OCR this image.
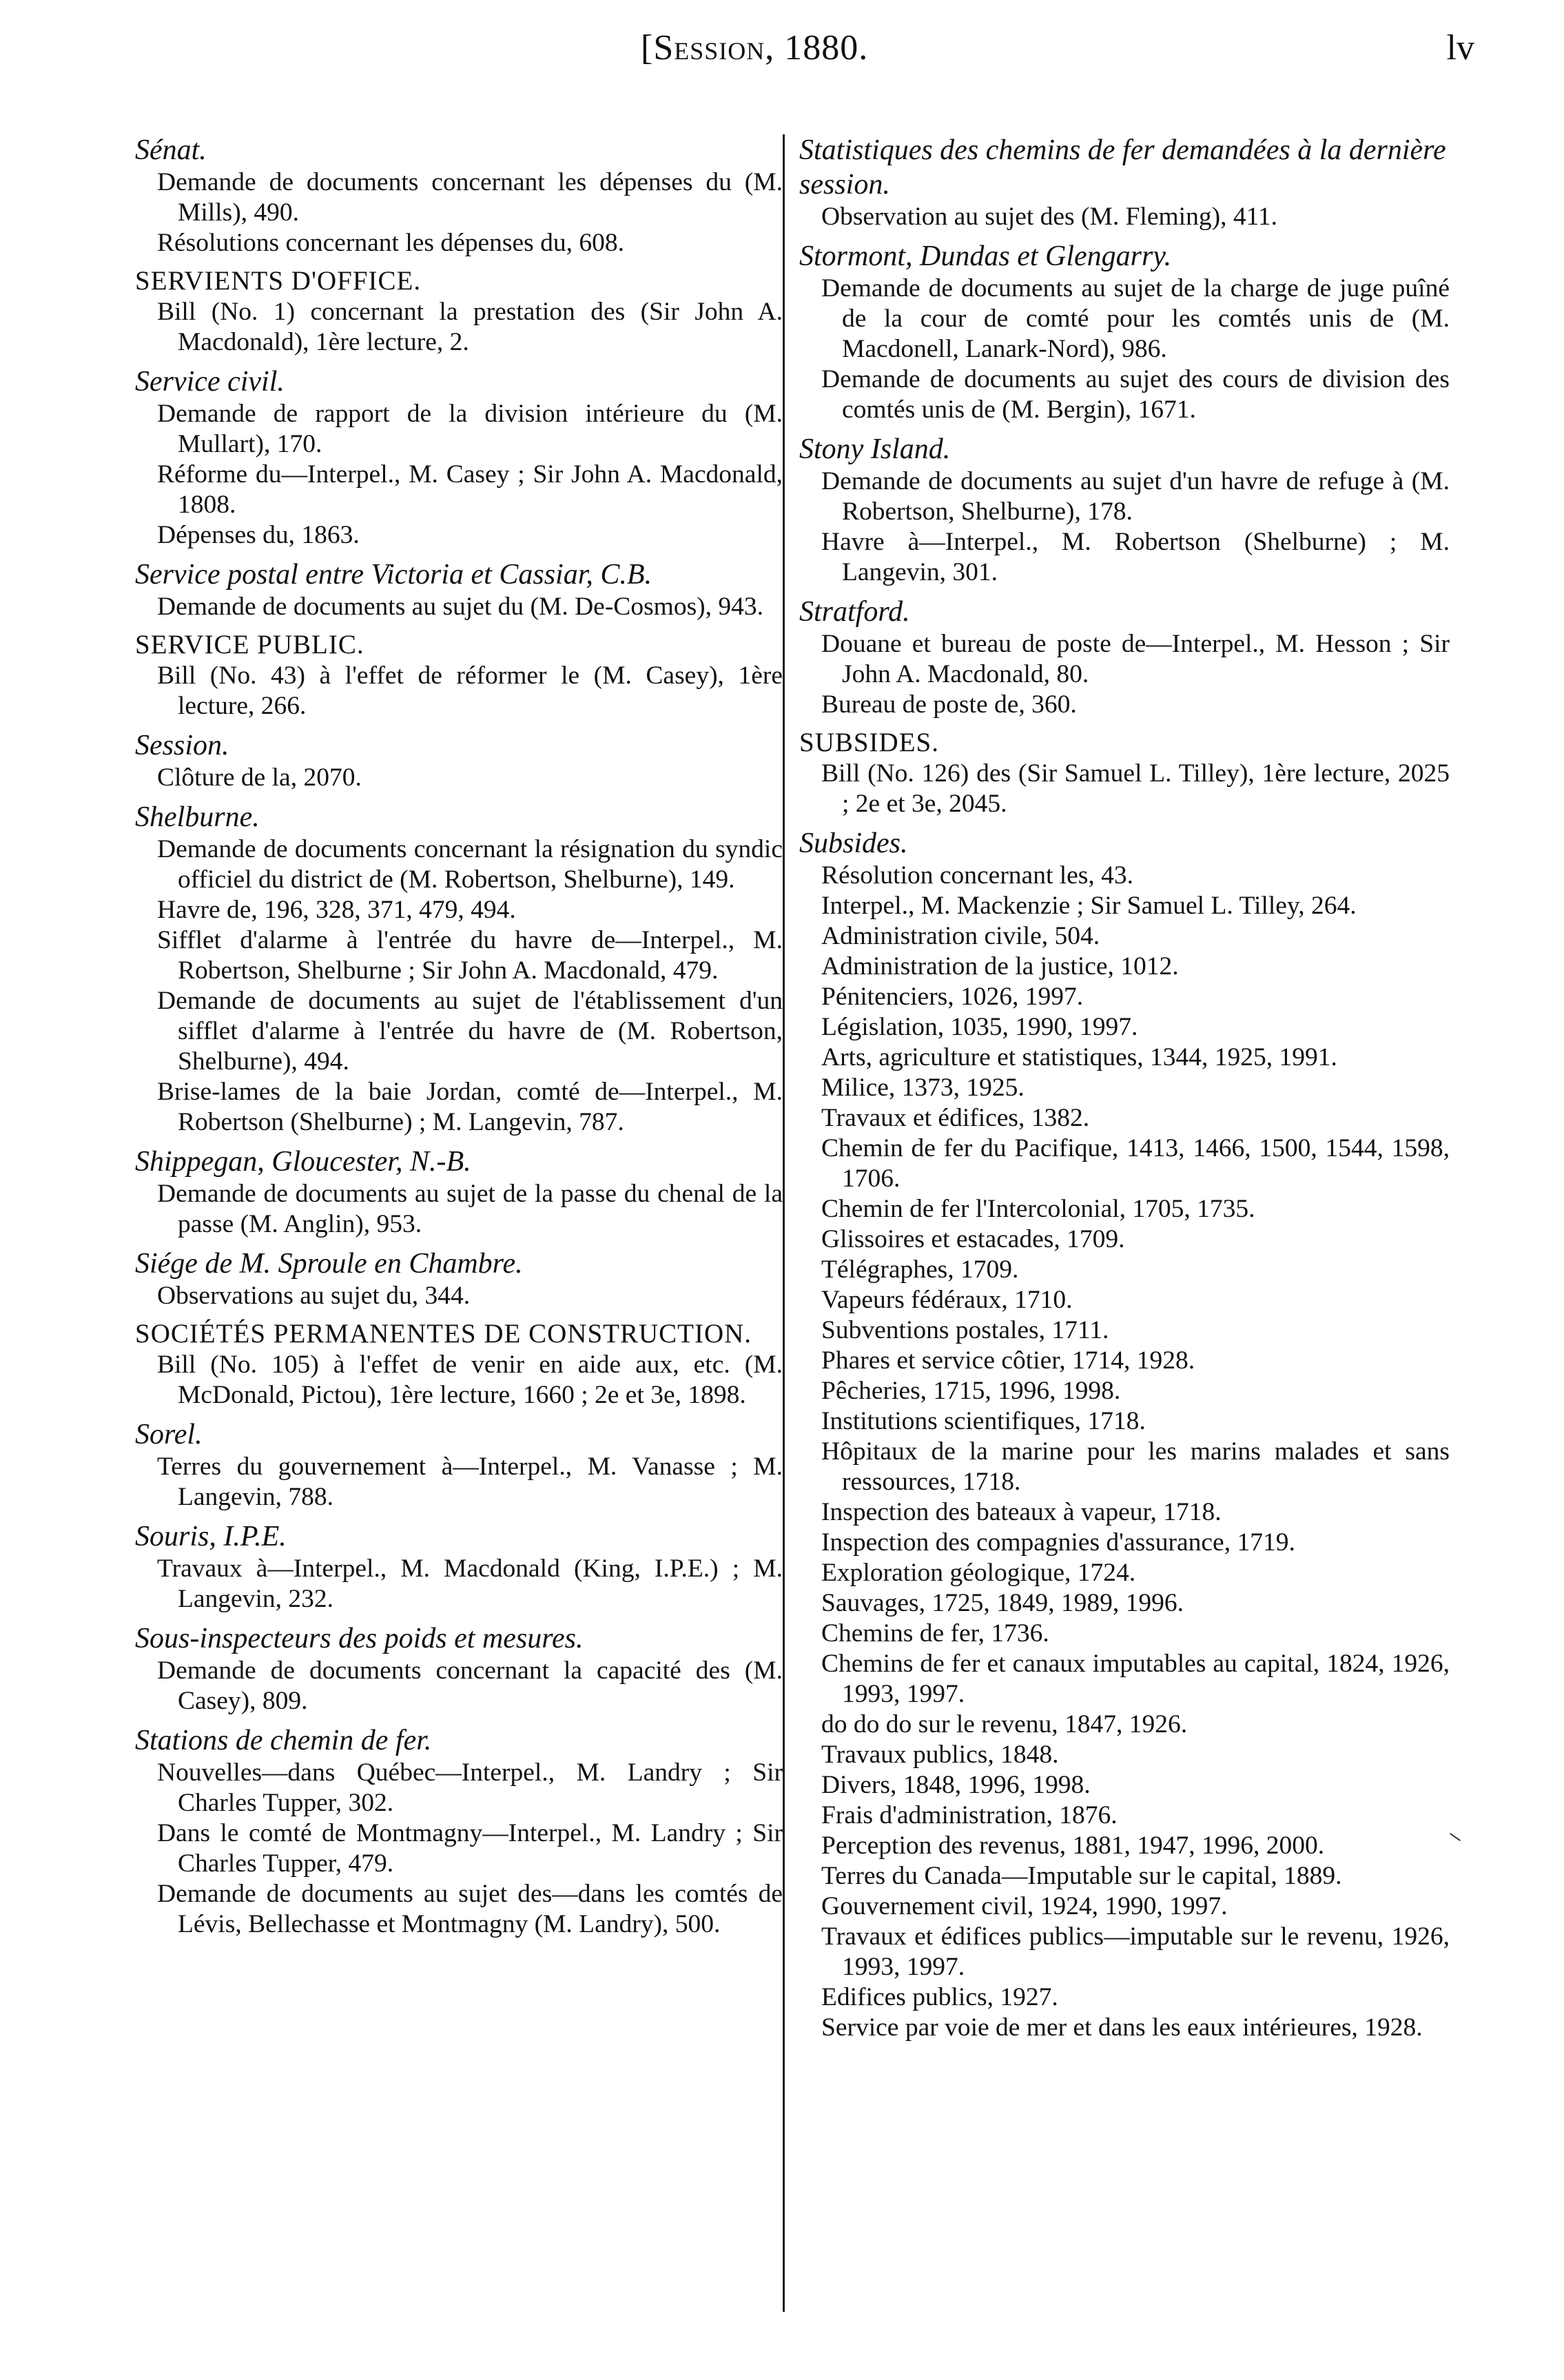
[Session, 1880.	lv
Sénat.
Demande de documents concernant les dépenses du (M. Mills), 490.
Résolutions concernant les dépenses du, 608.
SERVIENTS D'OFFICE.
Bill (No. 1) concernant la prestation des (Sir John A. Macdonald), 1ère lecture, 2.
Service civil.
Demande de rapport de la division intérieure du (M. Mullart), 170.
Réforme du—Interpel., M. Casey ; Sir John A. Macdonald, 1808.
Dépenses du, 1863.
Service postal entre Victoria et Cassiar, C.B.
Demande de documents au sujet du (M. De-Cosmos), 943.
SERVICE PUBLIC.
Bill (No. 43) à l'effet de réformer le (M. Casey), 1ère lecture, 266.
Session.
Clôture de la, 2070.
Shelburne.
Demande de documents concernant la résignation du syndic officiel du district de (M. Robertson, Shelburne), 149.
Havre de, 196, 328, 371, 479, 494.
Sifflet d'alarme à l'entrée du havre de—Interpel., M. Robertson, Shelburne ; Sir John A. Macdonald, 479.
Demande de documents au sujet de l'établissement d'un sifflet d'alarme à l'entrée du havre de (M. Robertson, Shelburne), 494.
Brise-lames de la baie Jordan, comté de—Interpel., M. Robertson (Shelburne) ; M. Langevin, 787.
Shippegan, Gloucester, N.-B.
Demande de documents au sujet de la passe du chenal de la passe (M. Anglin), 953.
Siége de M. Sproule en Chambre.
Observations au sujet du, 344.
SOCIÉTÉS PERMANENTES DE CONSTRUCTION.
Bill (No. 105) à l'effet de venir en aide aux, etc. (M. McDonald, Pictou), 1ère lecture, 1660 ; 2e et 3e, 1898.
Sorel.
Terres du gouvernement à—Interpel., M. Vanasse ; M. Langevin, 788.
Souris, I.P.E.
Travaux à—Interpel., M. Macdonald (King, I.P.E.) ; M. Langevin, 232.
Sous-inspecteurs des poids et mesures.
Demande de documents concernant la capacité des (M. Casey), 809.
Stations de chemin de fer.
Nouvelles—dans Québec—Interpel., M. Landry ; Sir Charles Tupper, 302.
Dans le comté de Montmagny—Interpel., M. Landry ; Sir Charles Tupper, 479.
Demande de documents au sujet des—dans les comtés de Lévis, Bellechasse et Montmagny (M. Landry), 500.
Statistiques des chemins de fer demandées à la dernière session.
Observation au sujet des (M. Fleming), 411.
Stormont, Dundas et Glengarry.
Demande de documents au sujet de la charge de juge puîné de la cour de comté pour les comtés unis de (M. Macdonell, Lanark-Nord), 986.
Demande de documents au sujet des cours de division des comtés unis de (M. Bergin), 1671.
Stony Island.
Demande de documents au sujet d'un havre de refuge à (M. Robertson, Shelburne), 178.
Havre à—Interpel., M. Robertson (Shelburne) ; M. Langevin, 301.
Stratford.
Douane et bureau de poste de—Interpel., M. Hesson ; Sir John A. Macdonald, 80.
Bureau de poste de, 360.
SUBSIDES.
Bill (No. 126) des (Sir Samuel L. Tilley), 1ère lecture, 2025 ; 2e et 3e, 2045.
Subsides.
Résolution concernant les, 43.
Interpel., M. Mackenzie ; Sir Samuel L. Tilley, 264.
Administration civile, 504.
Administration de la justice, 1012.
Pénitenciers, 1026, 1997.
Législation, 1035, 1990, 1997.
Arts, agriculture et statistiques, 1344, 1925, 1991.
Milice, 1373, 1925.
Travaux et édifices, 1382.
Chemin de fer du Pacifique, 1413, 1466, 1500, 1544, 1598, 1706.
Chemin de fer l'Intercolonial, 1705, 1735.
Glissoires et estacades, 1709.
Télégraphes, 1709.
Vapeurs fédéraux, 1710.
Subventions postales, 1711.
Phares et service côtier, 1714, 1928.
Pêcheries, 1715, 1996, 1998.
Institutions scientifiques, 1718.
Hôpitaux de la marine pour les marins malades et sans ressources, 1718.
Inspection des bateaux à vapeur, 1718.
Inspection des compagnies d'assurance, 1719.
Exploration géologique, 1724.
Sauvages, 1725, 1849, 1989, 1996.
Chemins de fer, 1736.
Chemins de fer et canaux imputables au capital, 1824, 1926, 1993, 1997.
do do do sur le revenu, 1847, 1926.
Travaux publics, 1848.
Divers, 1848, 1996, 1998.
Frais d'administration, 1876.
Perception des revenus, 1881, 1947, 1996, 2000.
Terres du Canada—Imputable sur le capital, 1889.
Gouvernement civil, 1924, 1990, 1997.
Travaux et édifices publics—imputable sur le revenu, 1926, 1993, 1997.
Edifices publics, 1927.
Service par voie de mer et dans les eaux intérieures, 1928.
